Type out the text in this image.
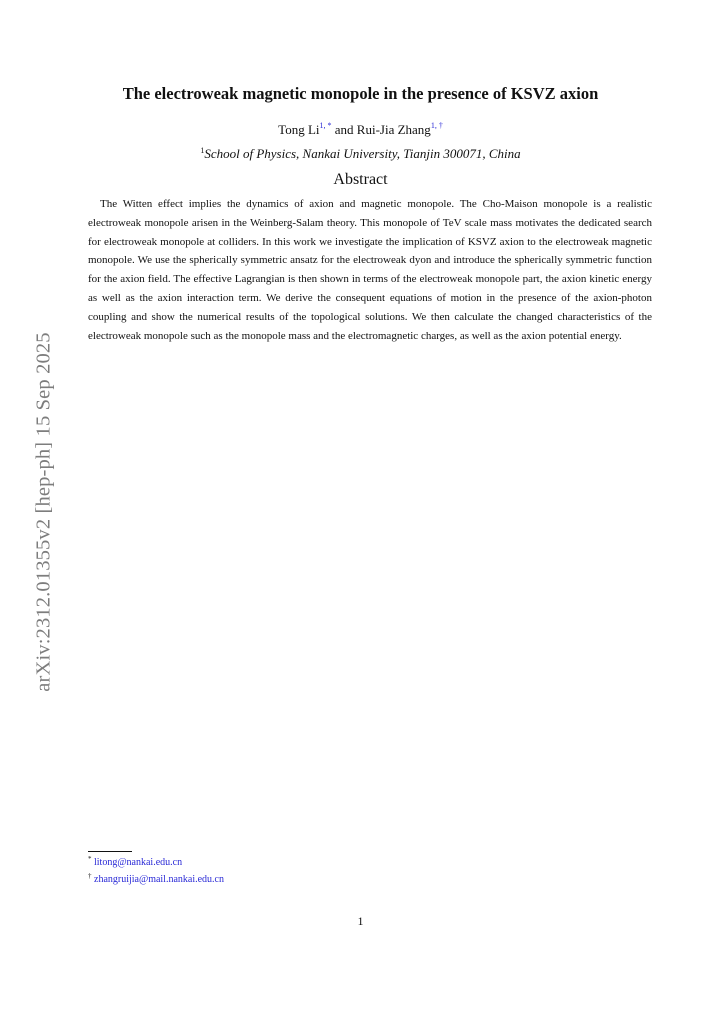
arXiv:2312.01355v2 [hep-ph] 15 Sep 2025
The electroweak magnetic monopole in the presence of KSVZ axion
Tong $Li^{1, *}$ and Rui-Jia Zhang$^{1, \dagger}$
$^1$School of Physics, Nankai University, Tianjin 300071, China
Abstract

The Witten effect implies the dynamics of axion and magnetic monopole. The Cho-Maison monopole is a realistic electroweak monopole arisen in the Weinberg-Salam theory. This monopole of TeV scale mass motivates the dedicated search for electroweak monopole at colliders. In this work we investigate the implication of KSVZ axion to the electroweak magnetic monopole. We use the spherically symmetric ansatz for the electroweak dyon and introduce the spherically symmetric function for the axion field. The effective Lagrangian is then shown in terms of the electroweak monopole part, the axion kinetic energy as well as the axion interaction term. We derive the consequent equations of motion in the presence of the axion-photon coupling and show the numerical results of the topological solutions. We then calculate the changed characteristics of the electroweak monopole such as the monopole mass and the electromagnetic charges, as well as the axion potential energy.

* litong@nankai.edu.cn
† zhangruijia@mail.nankai.edu.cn
1
